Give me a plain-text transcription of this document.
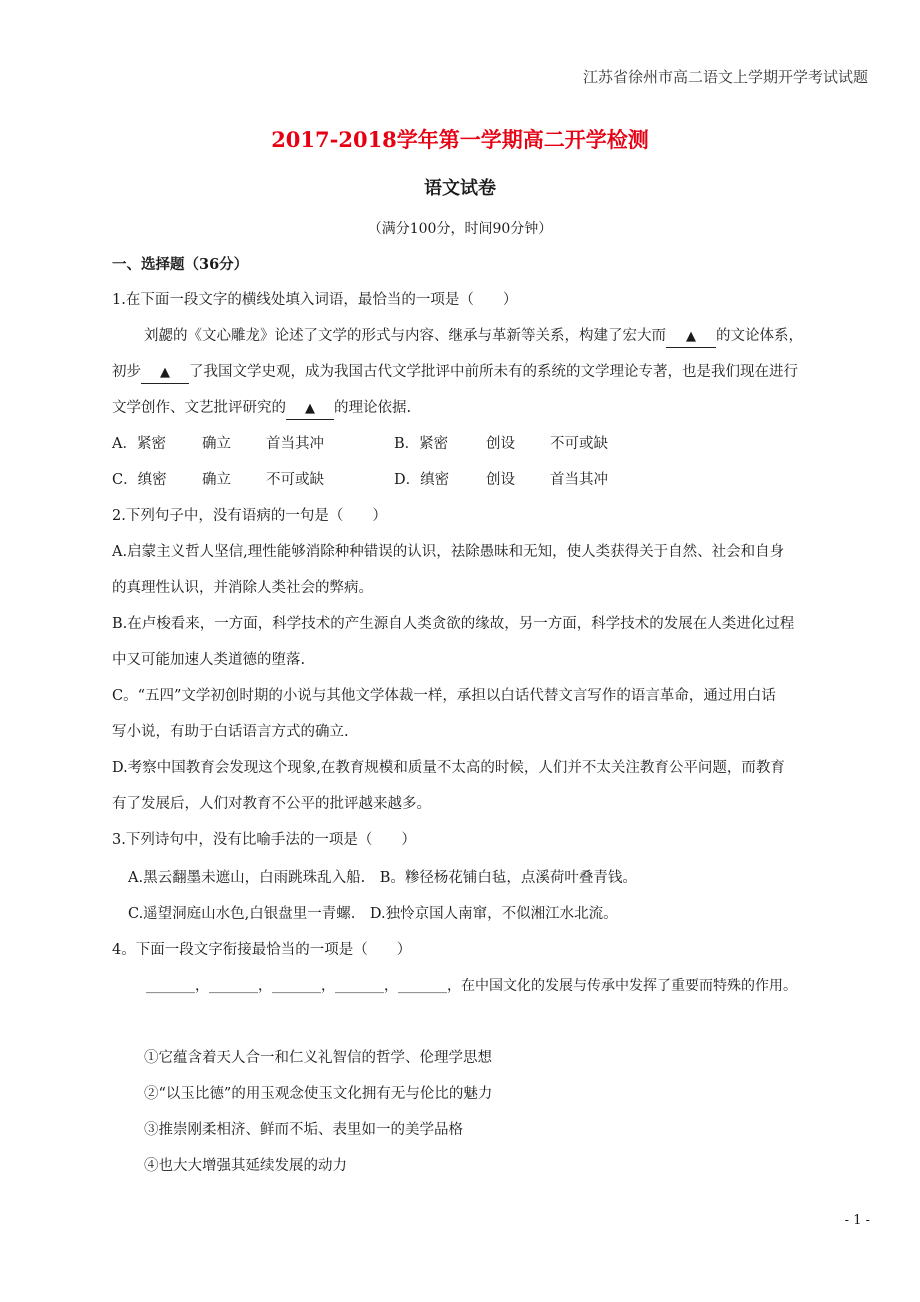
江苏省徐州市高二语文上学期开学考试试题
2017-2018学年第一学期高二开学检测
语文试卷
（满分100分，时间90分钟）
一、选择题（36分）
1.在下面一段文字的横线处填入词语，最恰当的一项是（　　）
刘勰的《文心雕龙》论述了文学的形式与内容、继承与革新等关系，构建了宏大而 ▲ 的文论体系，
初步 ▲ 了我国文学史观，成为我国古代文学批评中前所未有的系统的文学理论专著，也是我们现在进行
文学创作、文艺批评研究的 ▲ 的理论依据.
A．紧密 确立 首当其冲	B．紧密	创设 不可或缺
C．缜密 确立 不可或缺	D．缜密	创设 首当其冲
2.下列句子中，没有语病的一句是（　　）
A.启蒙主义哲人坚信,理性能够消除种种错误的认识，祛除愚昧和无知，使人类获得关于自然、社会和自身
的真理性认识，并消除人类社会的弊病。
B.在卢梭看来，一方面，科学技术的产生源自人类贪欲的缘故，另一方面，科学技术的发展在人类进化过程
中又可能加速人类道德的堕落.
C。“五四”文学初创时期的小说与其他文学体裁一样，承担以白话代替文言写作的语言革命，通过用白话
写小说，有助于白话语言方式的确立.
D.考察中国教育会发现这个现象,在教育规模和质量不太高的时候，人们并不太关注教育公平问题，而教育
有了发展后，人们对教育不公平的批评越来越多。
3.下列诗句中，没有比喻手法的一项是（　　）
A.黑云翻墨未遮山，白雨跳珠乱入船.　B。糁径杨花铺白毡，点溪荷叶叠青钱。
C.遥望洞庭山水色,白银盘里一青螺.　D.独怜京国人南窜，不似湘江水北流。
4。下面一段文字衔接最恰当的一项是（　　）
_______，_______，_______，_______，_______，在中国文化的发展与传承中发挥了重要而特殊的作用。
①它蕴含着天人合一和仁义礼智信的哲学、伦理学思想
②“以玉比德”的用玉观念使玉文化拥有无与伦比的魅力
③推崇刚柔相济、鲜而不垢、表里如一的美学品格
④也大大增强其延续发展的动力
- 1 -
